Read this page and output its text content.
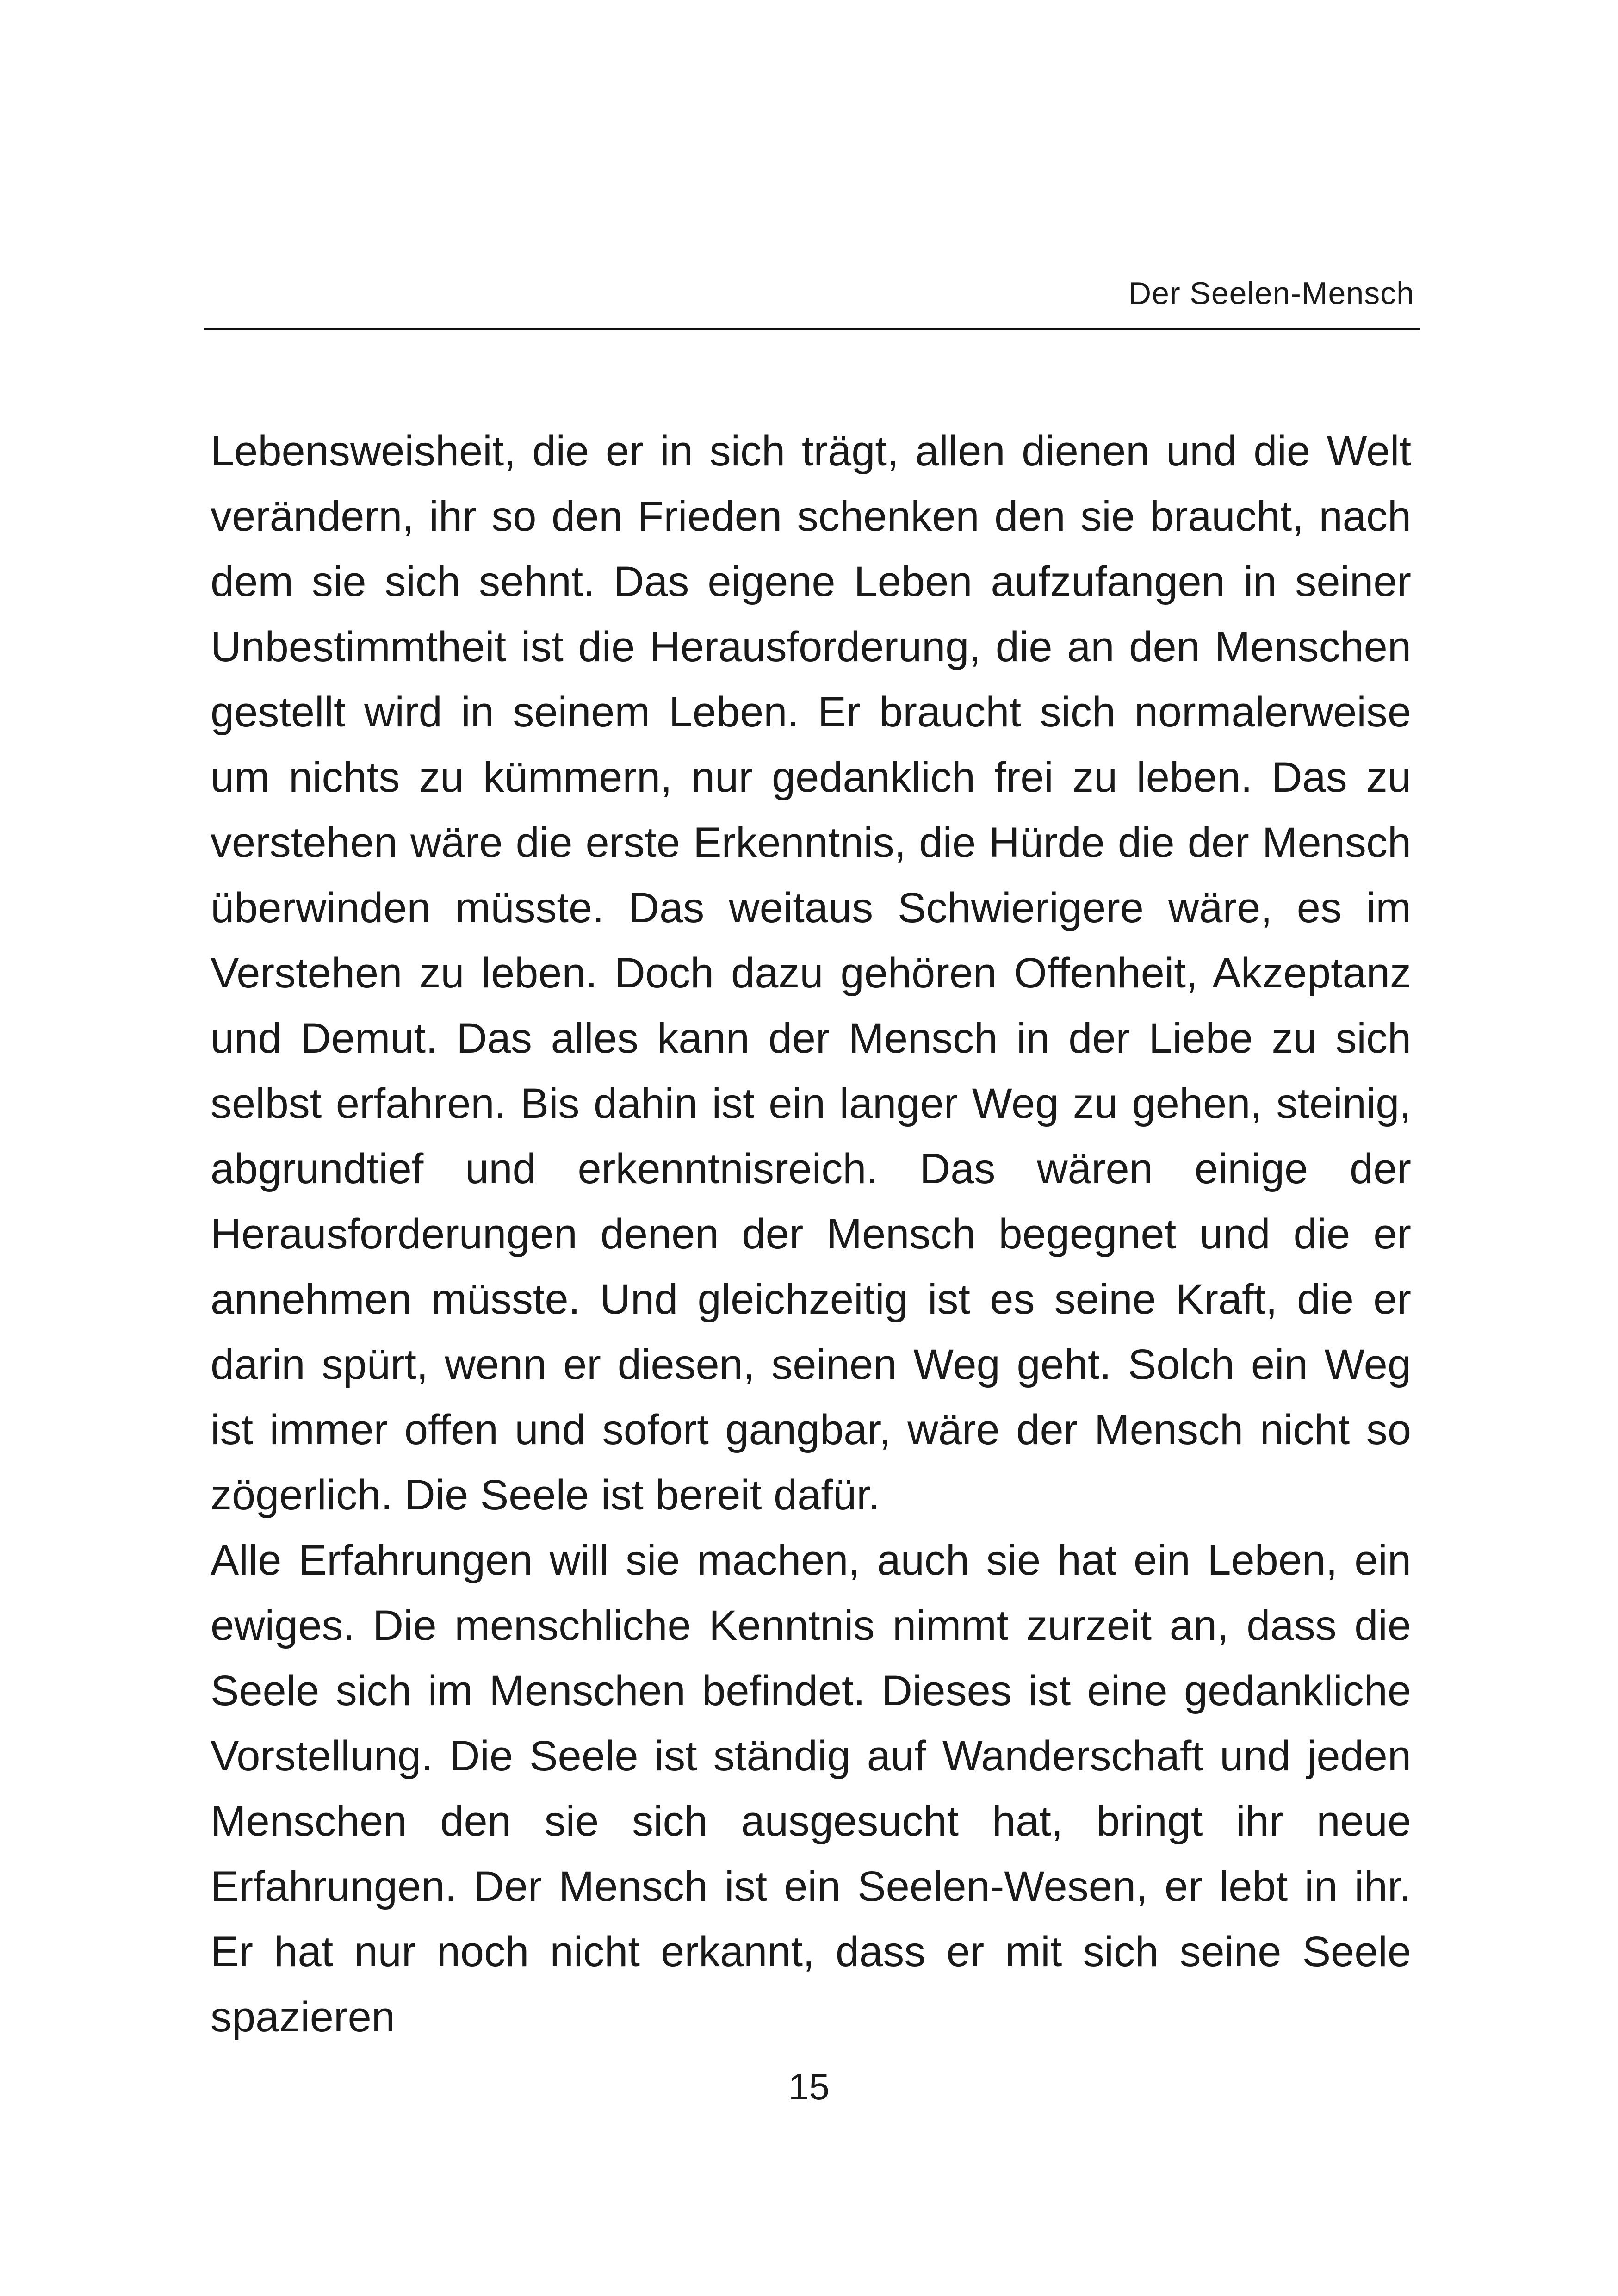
Der Seelen-Mensch

Lebensweisheit, die er in sich trägt, allen dienen und die Welt verändern, ihr so den Frieden schenken den sie braucht, nach dem sie sich sehnt. Das eigene Leben aufzufangen in seiner Unbestimmtheit ist die Herausforderung, die an den Menschen gestellt wird in seinem Leben. Er braucht sich normalerweise um nichts zu kümmern, nur gedanklich frei zu leben. Das zu verstehen wäre die erste Erkenntnis, die Hürde die der Mensch überwinden müsste. Das weitaus Schwierigere wäre, es im Verstehen zu leben. Doch dazu gehören Offenheit, Akzeptanz und Demut. Das alles kann der Mensch in der Liebe zu sich selbst erfahren. Bis dahin ist ein langer Weg zu gehen, steinig, abgrundtief und erkenntnisreich. Das wären einige der Herausforderungen denen der Mensch begegnet und die er annehmen müsste. Und gleichzeitig ist es seine Kraft, die er darin spürt, wenn er diesen, seinen Weg geht. Solch ein Weg ist immer offen und sofort gangbar, wäre der Mensch nicht so zögerlich. Die Seele ist bereit dafür.

Alle Erfahrungen will sie machen, auch sie hat ein Leben, ein ewiges. Die menschliche Kenntnis nimmt zurzeit an, dass die Seele sich im Menschen befindet. Dieses ist eine gedankliche Vorstellung. Die Seele ist ständig auf Wanderschaft und jeden Menschen den sie sich ausgesucht hat, bringt ihr neue Erfahrungen. Der Mensch ist ein Seelen-Wesen, er lebt in ihr. Er hat nur noch nicht erkannt, dass er mit sich seine Seele spazieren

15
